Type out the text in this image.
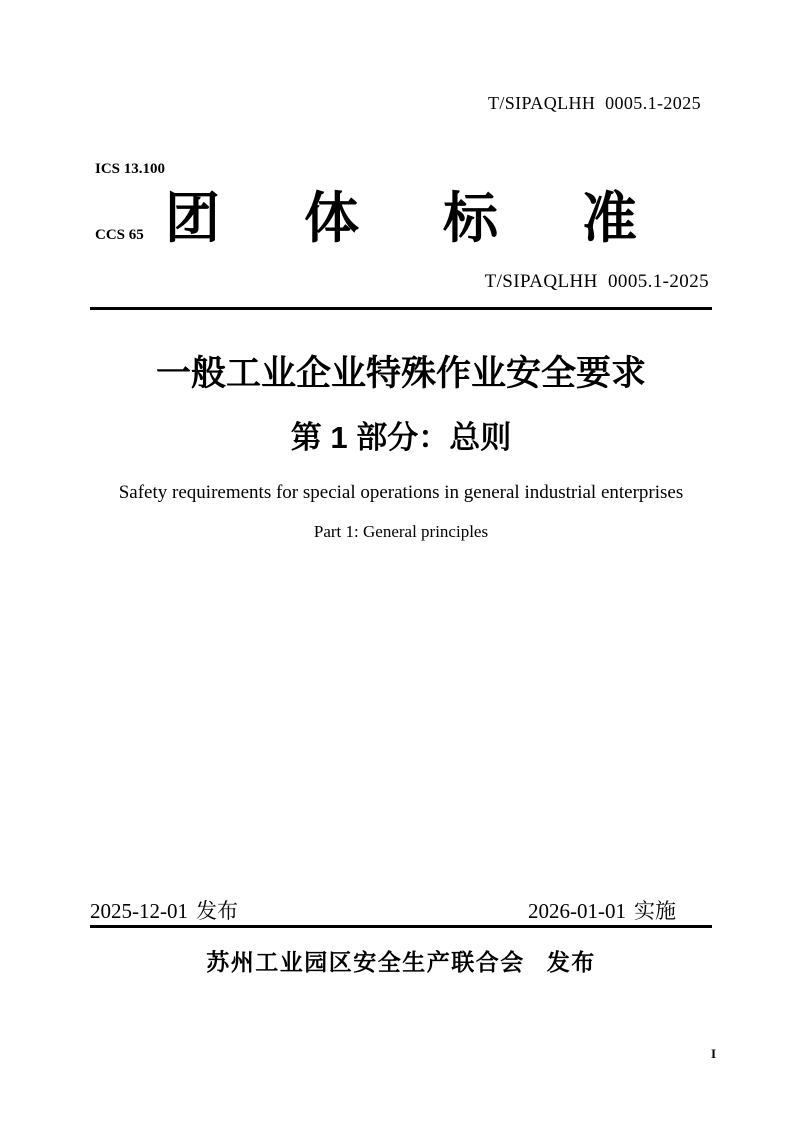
T/SIPAQLHH  0005.1-2025

ICS 13.100

CCS 65

团体标准
T/SIPAQLHH  0005.1-2025
一般工业企业特殊作业安全要求
第 1 部分：总则
Safety requirements for special operations in general industrial enterprises
Part 1: General principles
2025-12-01 发布	2026-01-01 实施
苏州工业园区安全生产联合会 发布
I
